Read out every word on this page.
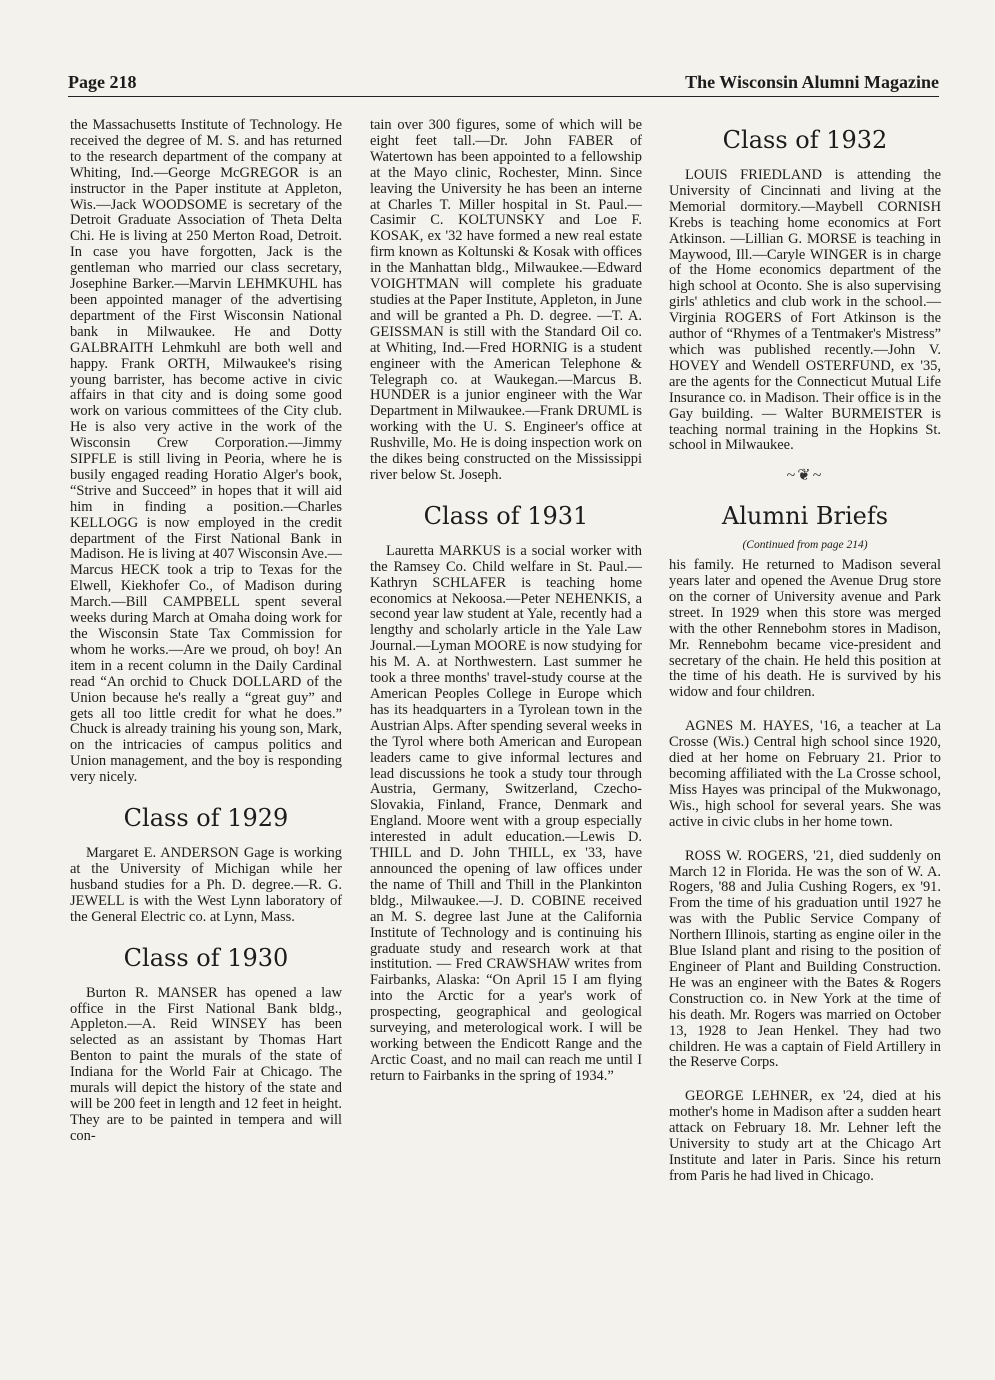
Page 218	The Wisconsin Alumni Magazine

the Massachusetts Institute of Technology. He received the degree of M. S. and has returned to the research department of the company at Whiting, Ind.—George McGREGOR is an instructor in the Paper institute at Appleton, Wis.—Jack WOODSOME is secretary of the Detroit Graduate Association of Theta Delta Chi. He is living at 250 Merton Road, Detroit. In case you have forgotten, Jack is the gentleman who married our class secretary, Josephine Barker.—Marvin LEHMKUHL has been appointed manager of the advertising department of the First Wisconsin National bank in Milwaukee. He and Dotty GALBRAITH Lehmkuhl are both well and happy. Frank ORTH, Milwaukee's rising young barrister, has become active in civic affairs in that city and is doing some good work on various committees of the City club. He is also very active in the work of the Wisconsin Crew Corporation.—Jimmy SIPFLE is still living in Peoria, where he is busily engaged reading Horatio Alger's book, “Strive and Succeed” in hopes that it will aid him in finding a position.—Charles KELLOGG is now employed in the credit department of the First National Bank in Madison. He is living at 407 Wisconsin Ave.—Marcus HECK took a trip to Texas for the Elwell, Kiekhofer Co., of Madison during March.—Bill CAMPBELL spent several weeks during March at Omaha doing work for the Wisconsin State Tax Commission for whom he works.—Are we proud, oh boy! An item in a recent column in the Daily Cardinal read “An orchid to Chuck DOLLARD of the Union because he's really a “great guy” and gets all too little credit for what he does.” Chuck is already training his young son, Mark, on the intricacies of campus politics and Union management, and the boy is responding very nicely.

Class of 1929

Margaret E. ANDERSON Gage is working at the University of Michigan while her husband studies for a Ph. D. degree.—R. G. JEWELL is with the West Lynn laboratory of the General Electric co. at Lynn, Mass.

Class of 1930

Burton R. MANSER has opened a law office in the First National Bank bldg., Appleton.—A. Reid WINSEY has been selected as an assistant by Thomas Hart Benton to paint the murals of the state of Indiana for the World Fair at Chicago. The murals will depict the history of the state and will be 200 feet in length and 12 feet in height. They are to be painted in tempera and will con-

tain over 300 figures, some of which will be eight feet tall.—Dr. John FABER of Watertown has been appointed to a fellowship at the Mayo clinic, Rochester, Minn. Since leaving the University he has been an interne at Charles T. Miller hospital in St. Paul.—Casimir C. KOLTUNSKY and Loe F. KOSAK, ex '32 have formed a new real estate firm known as Koltunski & Kosak with offices in the Manhattan bldg., Milwaukee.—Edward VOIGHTMAN will complete his graduate studies at the Paper Institute, Appleton, in June and will be granted a Ph. D. degree. —T. A. GEISSMAN is still with the Standard Oil co. at Whiting, Ind.—Fred HORNIG is a student engineer with the American Telephone & Telegraph co. at Waukegan.—Marcus B. HUNDER is a junior engineer with the War Department in Milwaukee.—Frank DRUML is working with the U. S. Engineer's office at Rushville, Mo. He is doing inspection work on the dikes being constructed on the Mississippi river below St. Joseph.

Class of 1931

Lauretta MARKUS is a social worker with the Ramsey Co. Child welfare in St. Paul.—Kathryn SCHLAFER is teaching home economics at Nekoosa.—Peter NEHENKIS, a second year law student at Yale, recently had a lengthy and scholarly article in the Yale Law Journal.—Lyman MOORE is now studying for his M. A. at Northwestern. Last summer he took a three months' travel-study course at the American Peoples College in Europe which has its headquarters in a Tyrolean town in the Austrian Alps. After spending several weeks in the Tyrol where both American and European leaders came to give informal lectures and lead discussions he took a study tour through Austria, Germany, Switzerland, Czecho-Slovakia, Finland, France, Denmark and England. Moore went with a group especially interested in adult education.—Lewis D. THILL and D. John THILL, ex '33, have announced the opening of law offices under the name of Thill and Thill in the Plankinton bldg., Milwaukee.—J. D. COBINE received an M. S. degree last June at the California Institute of Technology and is continuing his graduate study and research work at that institution. — Fred CRAWSHAW writes from Fairbanks, Alaska: “On April 15 I am flying into the Arctic for a year's work of prospecting, geographical and geological surveying, and meterological work. I will be working between the Endicott Range and the Arctic Coast, and no mail can reach me until I return to Fairbanks in the spring of 1934.”

Class of 1932

LOUIS FRIEDLAND is attending the University of Cincinnati and living at the Memorial dormitory.—Maybell CORNISH Krebs is teaching home economics at Fort Atkinson. —Lillian G. MORSE is teaching in Maywood, Ill.—Caryle WINGER is in charge of the Home economics department of the high school at Oconto. She is also supervising girls' athletics and club work in the school.—Virginia ROGERS of Fort Atkinson is the author of “Rhymes of a Tentmaker's Mistress” which was published recently.—John V. HOVEY and Wendell OSTERFUND, ex '35, are the agents for the Connecticut Mutual Life Insurance co. in Madison. Their office is in the Gay building. — Walter BURMEISTER is teaching normal training in the Hopkins St. school in Milwaukee.

~❦~
Alumni Briefs
(Continued from page 214)

his family. He returned to Madison several years later and opened the Avenue Drug store on the corner of University avenue and Park street. In 1929 when this store was merged with the other Rennebohm stores in Madison, Mr. Rennebohm became vice-president and secretary of the chain. He held this position at the time of his death. He is survived by his widow and four children.

AGNES M. HAYES, '16, a teacher at La Crosse (Wis.) Central high school since 1920, died at her home on February 21. Prior to becoming affiliated with the La Crosse school, Miss Hayes was principal of the Mukwonago, Wis., high school for several years. She was active in civic clubs in her home town.

ROSS W. ROGERS, '21, died suddenly on March 12 in Florida. He was the son of W. A. Rogers, '88 and Julia Cushing Rogers, ex '91. From the time of his graduation until 1927 he was with the Public Service Company of Northern Illinois, starting as engine oiler in the Blue Island plant and rising to the position of Engineer of Plant and Building Construction. He was an engineer with the Bates & Rogers Construction co. in New York at the time of his death. Mr. Rogers was married on October 13, 1928 to Jean Henkel. They had two children. He was a captain of Field Artillery in the Reserve Corps.

GEORGE LEHNER, ex '24, died at his mother's home in Madison after a sudden heart attack on February 18. Mr. Lehner left the University to study art at the Chicago Art Institute and later in Paris. Since his return from Paris he had lived in Chicago.
